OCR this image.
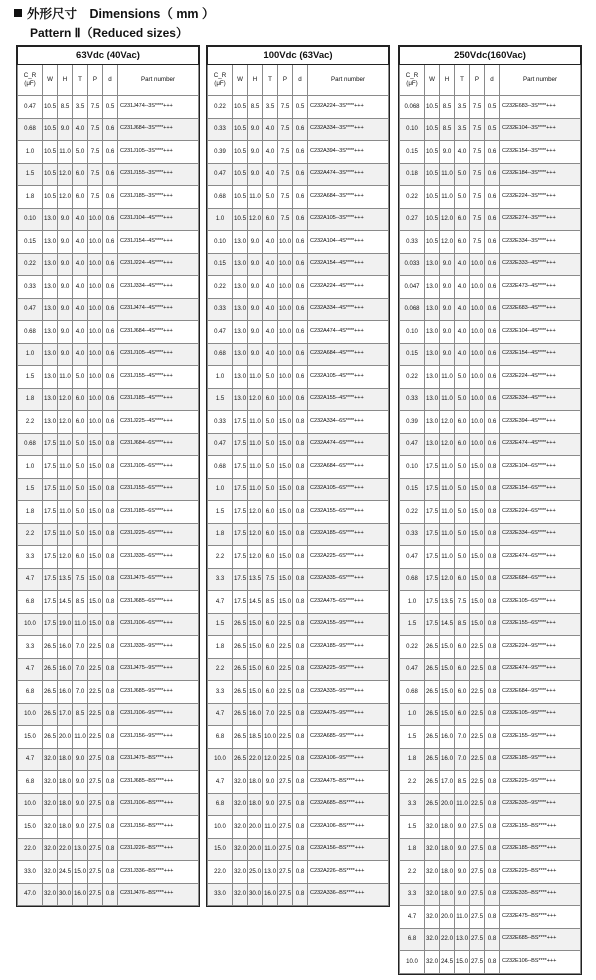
外形尺寸　Dimensions（ mm ）
Pattern Ⅱ（Reduced sizes）
63Vdc (40Vac)						

C_R
(μF)	W	H	T	P	d	Part number
0.47	10.5	8.5	3.5	7.5	0.5	C231J474--3S****+++
0.68	10.5	9.0	4.0	7.5	0.6	C231J684--3S****+++
1.0	10.5	11.0	5.0	7.5	0.6	C231J105--3S****+++
1.5	10.5	12.0	6.0	7.5	0.6	C231J155--3S****+++
1.8	10.5	12.0	6.0	7.5	0.6	C231J185--3S****+++
0.10	13.0	9.0	4.0	10.0	0.6	C231J104--4S****+++
0.15	13.0	9.0	4.0	10.0	0.6	C231J154--4S****+++
0.22	13.0	9.0	4.0	10.0	0.6	C231J224--4S****+++
0.33	13.0	9.0	4.0	10.0	0.6	C231J334--4S****+++
0.47	13.0	9.0	4.0	10.0	0.6	C231J474--4S****+++
0.68	13.0	9.0	4.0	10.0	0.6	C231J684--4S****+++
1.0	13.0	9.0	4.0	10.0	0.6	C231J105--4S****+++
1.5	13.0	11.0	5.0	10.0	0.6	C231J155--4S****+++
1.8	13.0	12.0	6.0	10.0	0.6	C231J185--4S****+++
2.2	13.0	12.0	6.0	10.0	0.6	C231J225--4S****+++
0.68	17.5	11.0	5.0	15.0	0.8	C231J684--6S****+++
1.0	17.5	11.0	5.0	15.0	0.8	C231J105--6S****+++
1.5	17.5	11.0	5.0	15.0	0.8	C231J155--6S****+++
1.8	17.5	11.0	5.0	15.0	0.8	C231J185--6S****+++
2.2	17.5	11.0	5.0	15.0	0.8	C231J225--6S****+++
3.3	17.5	12.0	6.0	15.0	0.8	C231J335--6S****+++
4.7	17.5	13.5	7.5	15.0	0.8	C231J475--6S****+++
6.8	17.5	14.5	8.5	15.0	0.8	C231J685--6S****+++
10.0	17.5	19.0	11.0	15.0	0.8	C231J106--6S****+++
3.3	26.5	16.0	7.0	22.5	0.8	C231J335--9S****+++
4.7	26.5	16.0	7.0	22.5	0.8	C231J475--9S****+++
6.8	26.5	16.0	7.0	22.5	0.8	C231J685--9S****+++
10.0	26.5	17.0	8.5	22.5	0.8	C231J106--9S****+++
15.0	26.5	20.0	11.0	22.5	0.8	C231J156--9S****+++
4.7	32.0	18.0	9.0	27.5	0.8	C231J475--BS****+++
6.8	32.0	18.0	9.0	27.5	0.8	C231J685--BS****+++
10.0	32.0	18.0	9.0	27.5	0.8	C231J106--BS****+++
15.0	32.0	18.0	9.0	27.5	0.8	C231J156--BS****+++
22.0	32.0	22.0	13.0	27.5	0.8	C231J226--BS****+++
33.0	32.0	24.5	15.0	27.5	0.8	C231J336--BS****+++
47.0	32.0	30.0	16.0	27.5	0.8	C231J476--BS****+++
100Vdc (63Vac)						

C_R
(μF)	W	H	T	P	d	Part number
0.22	10.5	8.5	3.5	7.5	0.5	C232A224--3S****+++
0.33	10.5	9.0	4.0	7.5	0.6	C232A334--3S****+++
0.39	10.5	9.0	4.0	7.5	0.6	C232A394--3S****+++
0.47	10.5	9.0	4.0	7.5	0.6	C232A474--3S****+++
0.68	10.5	11.0	5.0	7.5	0.6	C232A684--3S****+++
1.0	10.5	12.0	6.0	7.5	0.6	C232A105--3S****+++
0.10	13.0	9.0	4.0	10.0	0.6	C232A104--4S****+++
0.15	13.0	9.0	4.0	10.0	0.6	C232A154--4S****+++
0.22	13.0	9.0	4.0	10.0	0.6	C232A224--4S****+++
0.33	13.0	9.0	4.0	10.0	0.6	C232A334--4S****+++
0.47	13.0	9.0	4.0	10.0	0.6	C232A474--4S****+++
0.68	13.0	9.0	4.0	10.0	0.6	C232A684--4S****+++
1.0	13.0	11.0	5.0	10.0	0.6	C232A105--4S****+++
1.5	13.0	12.0	6.0	10.0	0.6	C232A155--4S****+++
0.33	17.5	11.0	5.0	15.0	0.8	C232A334--6S****+++
0.47	17.5	11.0	5.0	15.0	0.8	C232A474--6S****+++
0.68	17.5	11.0	5.0	15.0	0.8	C232A684--6S****+++
1.0	17.5	11.0	5.0	15.0	0.8	C232A105--6S****+++
1.5	17.5	12.0	6.0	15.0	0.8	C232A155--6S****+++
1.8	17.5	12.0	6.0	15.0	0.8	C232A185--6S****+++
2.2	17.5	12.0	6.0	15.0	0.8	C232A225--6S****+++
3.3	17.5	13.5	7.5	15.0	0.8	C232A335--6S****+++
4.7	17.5	14.5	8.5	15.0	0.8	C232A475--6S****+++
1.5	26.5	15.0	6.0	22.5	0.8	C232A155--9S****+++
1.8	26.5	15.0	6.0	22.5	0.8	C232A185--9S****+++
2.2	26.5	15.0	6.0	22.5	0.8	C232A225--9S****+++
3.3	26.5	15.0	6.0	22.5	0.8	C232A335--9S****+++
4.7	26.5	16.0	7.0	22.5	0.8	C232A475--9S****+++
6.8	26.5	18.5	10.0	22.5	0.8	C232A685--9S****+++
10.0	26.5	22.0	12.0	22.5	0.8	C232A106--9S****+++
4.7	32.0	18.0	9.0	27.5	0.8	C232A475--BS****+++
6.8	32.0	18.0	9.0	27.5	0.8	C232A685--BS****+++
10.0	32.0	20.0	11.0	27.5	0.8	C232A106--BS****+++
15.0	32.0	20.0	11.0	27.5	0.8	C232A156--BS****+++
22.0	32.0	25.0	13.0	27.5	0.8	C232A226--BS****+++
33.0	32.0	30.0	16.0	27.5	0.8	C232A336--BS****+++
250Vdc(160Vac)						

C_R
(μF)	W	H	T	P	d	Part number
0.068	10.5	8.5	3.5	7.5	0.5	C232E683--3S****+++
0.10	10.5	8.5	3.5	7.5	0.5	C232E104--3S****+++
0.15	10.5	9.0	4.0	7.5	0.6	C232E154--3S****+++
0.18	10.5	11.0	5.0	7.5	0.6	C232E184--3S****+++
0.22	10.5	11.0	5.0	7.5	0.6	C232E224--3S****+++
0.27	10.5	12.0	6.0	7.5	0.6	C232E274--3S****+++
0.33	10.5	12.0	6.0	7.5	0.6	C232E334--3S****+++
0.033	13.0	9.0	4.0	10.0	0.6	C232E333--4S****+++
0.047	13.0	9.0	4.0	10.0	0.6	C232E473--4S****+++
0.068	13.0	9.0	4.0	10.0	0.6	C232E683--4S****+++
0.10	13.0	9.0	4.0	10.0	0.6	C232E104--4S****+++
0.15	13.0	9.0	4.0	10.0	0.6	C232E154--4S****+++
0.22	13.0	11.0	5.0	10.0	0.6	C232E224--4S****+++
0.33	13.0	11.0	5.0	10.0	0.6	C232E334--4S****+++
0.39	13.0	12.0	6.0	10.0	0.6	C232E394--4S****+++
0.47	13.0	12.0	6.0	10.0	0.6	C232E474--4S****+++
0.10	17.5	11.0	5.0	15.0	0.8	C232E104--6S****+++
0.15	17.5	11.0	5.0	15.0	0.8	C232E154--6S****+++
0.22	17.5	11.0	5.0	15.0	0.8	C232E224--6S****+++
0.33	17.5	11.0	5.0	15.0	0.8	C232E334--6S****+++
0.47	17.5	11.0	5.0	15.0	0.8	C232E474--6S****+++
0.68	17.5	12.0	6.0	15.0	0.8	C232E684--6S****+++
1.0	17.5	13.5	7.5	15.0	0.8	C232E105--6S****+++
1.5	17.5	14.5	8.5	15.0	0.8	C232E155--6S****+++
0.22	26.5	15.0	6.0	22.5	0.8	C232E224--9S****+++
0.47	26.5	15.0	6.0	22.5	0.8	C232E474--9S****+++
0.68	26.5	15.0	6.0	22.5	0.8	C232E684--9S****+++
1.0	26.5	15.0	6.0	22.5	0.8	C232E105--9S****+++
1.5	26.5	16.0	7.0	22.5	0.8	C232E155--9S****+++
1.8	26.5	16.0	7.0	22.5	0.8	C232E185--9S****+++
2.2	26.5	17.0	8.5	22.5	0.8	C232E225--9S****+++
3.3	26.5	20.0	11.0	22.5	0.8	C232E335--9S****+++
1.5	32.0	18.0	9.0	27.5	0.8	C232E155--BS****+++
1.8	32.0	18.0	9.0	27.5	0.8	C232E185--BS****+++
2.2	32.0	18.0	9.0	27.5	0.8	C232E225--BS****+++
3.3	32.0	18.0	9.0	27.5	0.8	C232E335--BS****+++
4.7	32.0	20.0	11.0	27.5	0.8	C232E475--BS****+++
6.8	32.0	22.0	13.0	27.5	0.8	C232E685--BS****+++
10.0	32.0	24.5	15.0	27.5	0.8	C232E106--BS****+++
